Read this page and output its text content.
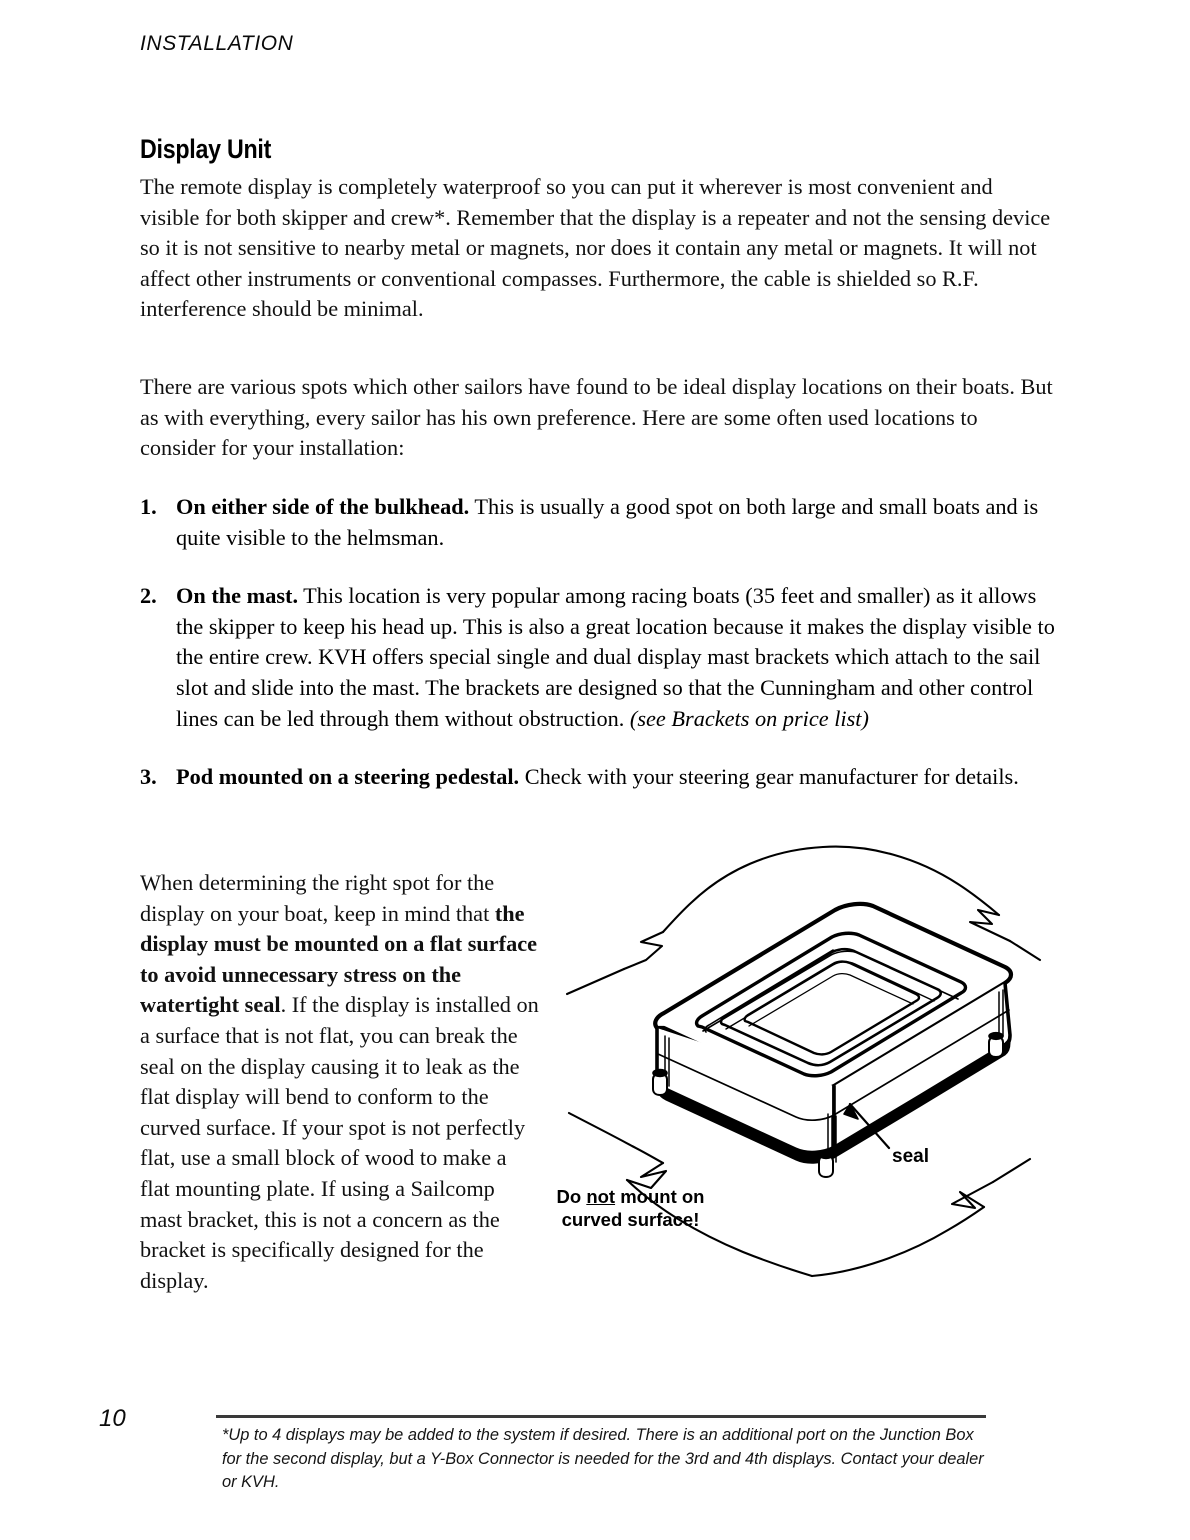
INSTALLATION
Display Unit
The remote display is completely waterproof so you can put it wherever is most convenient and visible for both skipper and crew*. Remember that the display is a repeater and not the sensing device so it is not sensitive to nearby metal or magnets, nor does it contain any metal or magnets. It will not affect other instruments or conventional compasses. Furthermore, the cable is shielded so R.F. interference should be minimal.
There are various spots which other sailors have found to be ideal display locations on their boats. But as with everything, every sailor has his own preference. Here are some often used locations to consider for your installation:
1. On either side of the bulkhead. This is usually a good spot on both large and small boats and is quite visible to the helmsman.
2. On the mast. This location is very popular among racing boats (35 feet and smaller) as it allows the skipper to keep his head up. This is also a great location because it makes the display visible to the entire crew. KVH offers special single and dual display mast brackets which attach to the sail slot and slide into the mast. The brackets are designed so that the Cunningham and other control lines can be led through them without obstruction. (see Brackets on price list)
3. Pod mounted on a steering pedestal. Check with your steering gear manufacturer for details.
When determining the right spot for the display on your boat, keep in mind that the display must be mounted on a flat surface to avoid unnecessary stress on the watertight seal. If the display is installed on a surface that is not flat, you can break the seal on the display causing it to leak as the flat display will bend to conform to the curved surface. If your spot is not perfectly flat, use a small block of wood to make a flat mounting plate. If using a Sailcomp mast bracket, this is not a concern as the bracket is specifically designed for the display.
seal
Do not mount on
curved surface!
10
*Up to 4 displays may be added to the system if desired. There is an additional port on the Junction Box for the second display, but a Y-Box Connector is needed for the 3rd and 4th displays. Contact your dealer or KVH.
